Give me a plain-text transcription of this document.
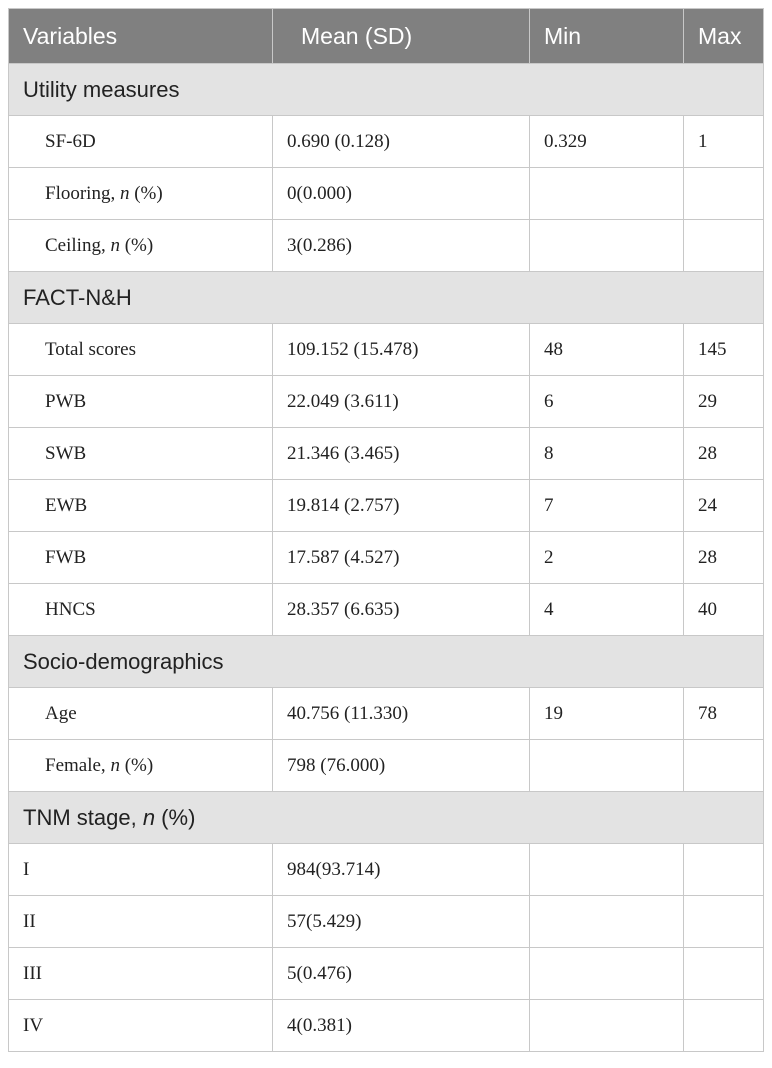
Variables	Mean (SD)	Min	Max
Utility measures			
SF-6D	0.690 (0.128)	0.329	1
Flooring, n (%)	0(0.000)		
Ceiling, n (%)	3(0.286)		
FACT-N&H			
Total scores	109.152 (15.478)	48	145
PWB	22.049 (3.611)	6	29
SWB	21.346 (3.465)	8	28
EWB	19.814 (2.757)	7	24
FWB	17.587 (4.527)	2	28
HNCS	28.357 (6.635)	4	40
Socio-demographics			
Age	40.756 (11.330)	19	78
Female, n (%)	798 (76.000)		
TNM stage, n (%)			
I	984(93.714)		
II	57(5.429)		
III	5(0.476)		
IV	4(0.381)		
